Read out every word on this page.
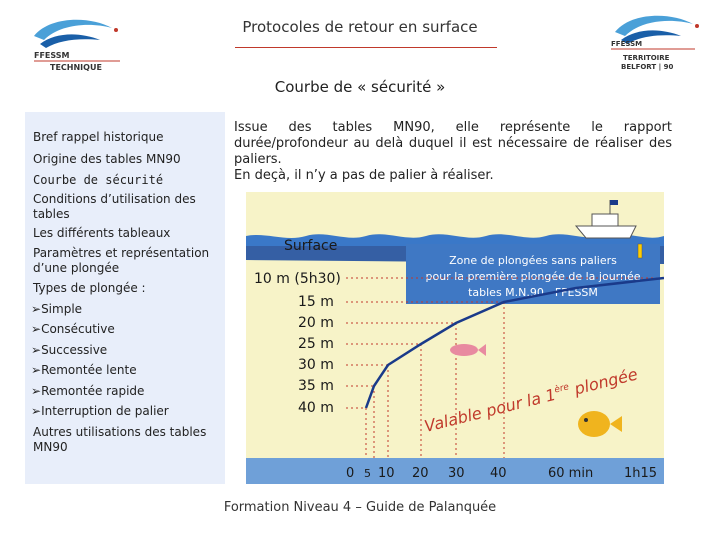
Protocoles de retour en surface
FFESSM
TECHNIQUE
FFESSM
TERRITOIRE
BELFORT | 90
Courbe de « sécurité »
Bref rappel historique
Origine des tables MN90
Courbe de sécurité
Conditions d’utilisation des tables
Les différents tableaux
Paramètres et représentation d’une plongée
Types de plongée :
➢Simple
➢Consécutive
➢Successive
➢Remontée lente
➢Remontée rapide
➢Interruption de palier
Autres utilisations des tables MN90
Issue des tables MN90, elle représente le rapport durée/profondeur au delà duquel il est nécessaire de réaliser des paliers.
En deçà, il n’y a pas de palier à réaliser.
Zone de plongées sans paliers
pour la première plongée de la journée
tables M.N.90 - FFESSM
Surface
10 m (5h30)
15 m
20 m
25 m
30 m
35 m
40 m	Valable pour la 1ère plongée
0 5 10 20 30 40	60 min 1h15
Formation Niveau 4 – Guide de Palanquée
